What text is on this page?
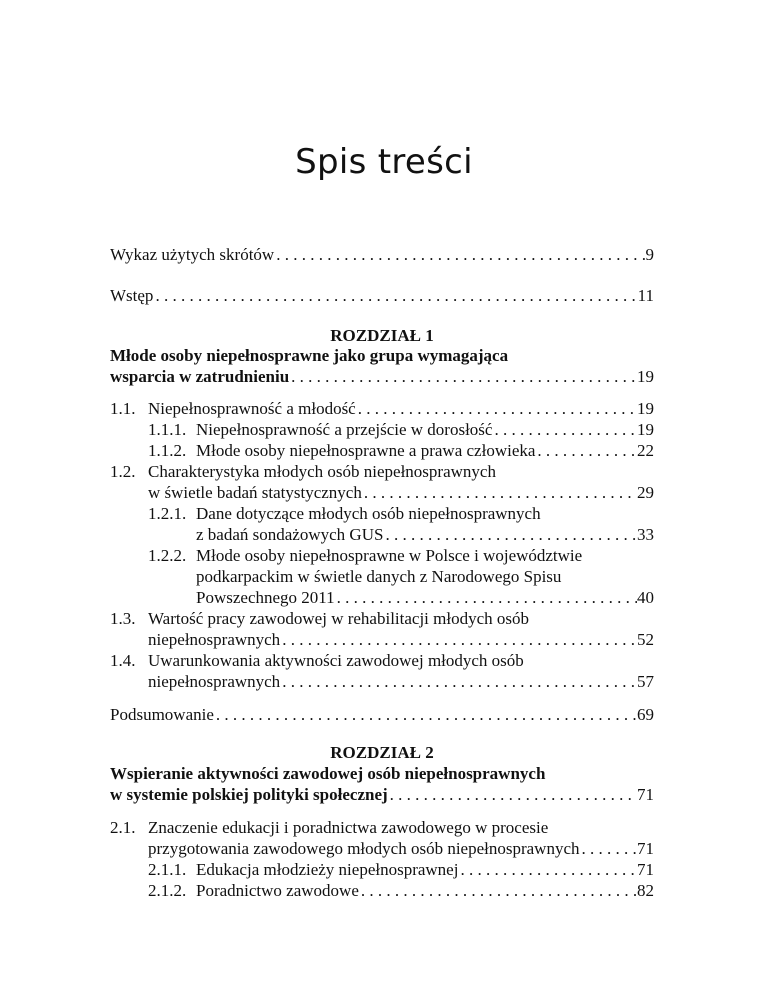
Spis treści
Wykaz użytych skrótów . . .	9
Wstęp . . .	11
ROZDZIAŁ 1
Młode osoby niepełnosprawne jako grupa wymagająca
wsparcia w zatrudnieniu . . .	19
1.1. Niepełnosprawność a młodość . . .	19
1.1.1. Niepełnosprawność a przejście w dorosłość . . .	19
1.1.2. Młode osoby niepełnosprawne a prawa człowieka . . .	22
1.2. Charakterystyka młodych osób niepełnosprawnych
w świetle badań statystycznych . . .	29
1.2.1. Dane dotyczące młodych osób niepełnosprawnych
z badań sondażowych GUS . . .	33
1.2.2. Młode osoby niepełnosprawne w Polsce i województwie
podkarpackim w świetle danych z Narodowego Spisu
Powszechnego 2011 . . .	40
1.3. Wartość pracy zawodowej w rehabilitacji młodych osób
niepełnosprawnych . . .	52
1.4. Uwarunkowania aktywności zawodowej młodych osób
niepełnosprawnych . . .	57
Podsumowanie . . .	69
ROZDZIAŁ 2
Wspieranie aktywności zawodowej osób niepełnosprawnych
w systemie polskiej polityki społecznej . . .	71
2.1. Znaczenie edukacji i poradnictwa zawodowego w procesie
przygotowania zawodowego młodych osób niepełnosprawnych . . .	71
2.1.1. Edukacja młodzieży niepełnosprawnej . . .	71
2.1.2. Poradnictwo zawodowe . . .	82
